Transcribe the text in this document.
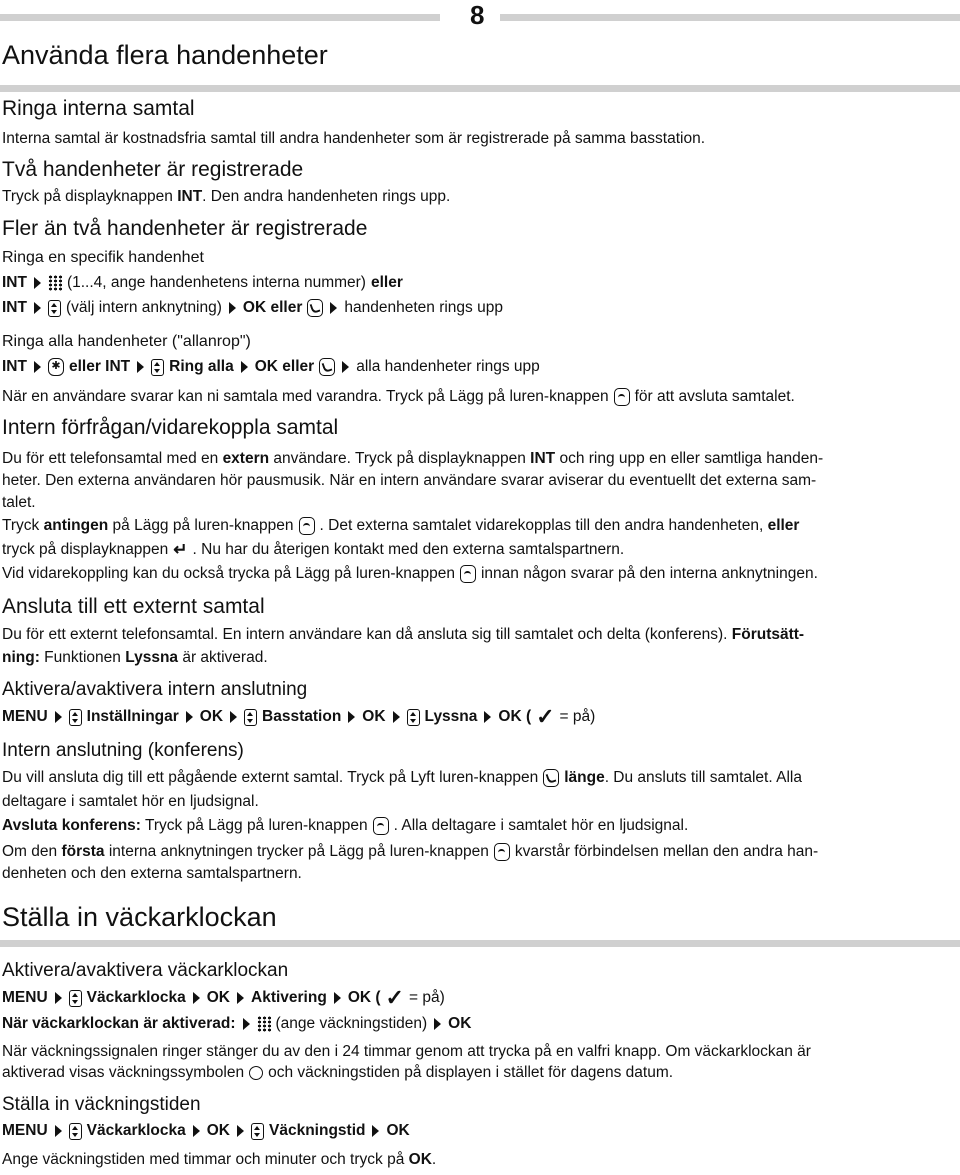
8
Använda flera handenheter
Ringa interna samtal
Interna samtal är kostnadsfria samtal till andra handenheter som är registrerade på samma basstation.
Två handenheter är registrerade
Tryck på displayknappen INT. Den andra handenheten rings upp.
Fler än två handenheter är registrerade
Ringa en specifik handenhet
INT	(1...4, ange handenhetens interna nummer) eller
INT	(välj intern anknytning) OK eller	handenheten rings upp
Ringa alla handenheter ("allanrop")
INT	✱ eller INT	Ring alla OK eller	alla handenheter rings upp
När en användare svarar kan ni samtala med varandra. Tryck på Lägg på luren-knappen för att avsluta samtalet.
Intern förfrågan/vidarekoppla samtal
Du för ett telefonsamtal med en extern användare. Tryck på displayknappen INT och ring upp en eller samtliga handen-
heter. Den externa användaren hör pausmusik. När en intern användare svarar aviserar du eventuellt det externa sam-
talet.
Tryck antingen på Lägg på luren-knappen . Det externa samtalet vidarekopplas till den andra handenheten, eller
tryck på displayknappen ↵ . Nu har du återigen kontakt med den externa samtalspartnern.
Vid vidarekoppling kan du också trycka på Lägg på luren-knappen innan någon svarar på den interna anknytningen.
Ansluta till ett externt samtal
Du för ett externt telefonsamtal. En intern användare kan då ansluta sig till samtalet och delta (konferens). Förutsätt-
ning: Funktionen Lyssna är aktiverad.
Aktivera/avaktivera intern anslutning
MENU	Inställningar OK	Basstation OK	Lyssna OK ( ✓ = på)
Intern anslutning (konferens)
Du vill ansluta dig till ett pågående externt samtal. Tryck på Lyft luren-knappen länge. Du ansluts till samtalet. Alla
deltagare i samtalet hör en ljudsignal.
Avsluta konferens: Tryck på Lägg på luren-knappen . Alla deltagare i samtalet hör en ljudsignal.
Om den första interna anknytningen trycker på Lägg på luren-knappen kvarstår förbindelsen mellan den andra han-
denheten och den externa samtalspartnern.
Ställa in väckarklockan
Aktivera/avaktivera väckarklockan
MENU	Väckarklocka OK Aktivering OK ( ✓ = på)
När väckarklockan är aktiverad:	(ange väckningstiden) OK
När väckningssignalen ringer stänger du av den i 24 timmar genom att trycka på en valfri knapp. Om väckarklockan är
aktiverad visas väckningssymbolen och väckningstiden på displayen i stället för dagens datum.
Ställa in väckningstiden
MENU	Väckarklocka OK	Väckningstid OK
Ange väckningstiden med timmar och minuter och tryck på OK.
